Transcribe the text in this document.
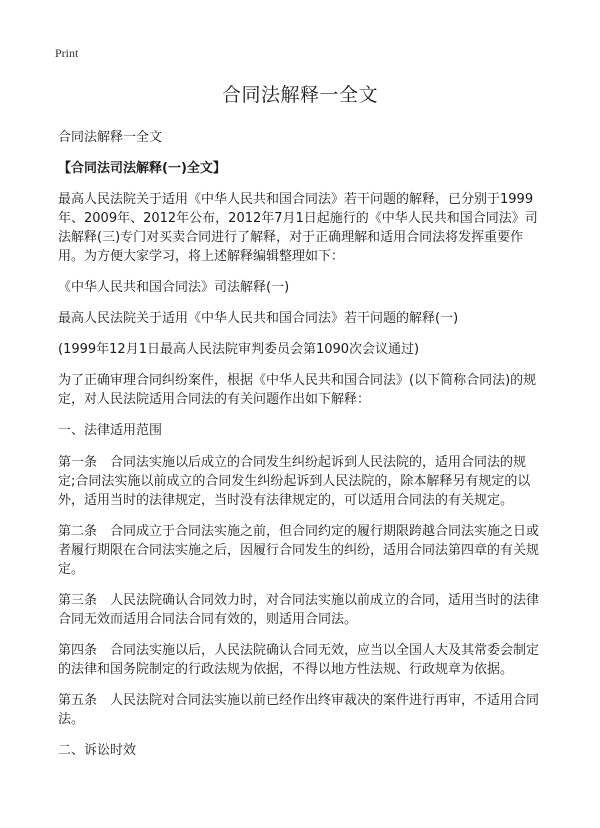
Print
合同法解释一全文
合同法解释一全文
【合同法司法解释(一)全文】
最高人民法院关于适用《中华人民共和国合同法》若干问题的解释，已分别于1999年、2009年、2012年公布，2012年7月1日起施行的《中华人民共和国合同法》司法解释(三)专门对买卖合同进行了解释，对于正确理解和适用合同法将发挥重要作用。为方便大家学习，将上述解释编辑整理如下：
《中华人民共和国合同法》司法解释(一)
最高人民法院关于适用《中华人民共和国合同法》若干问题的解释(一)
(1999年12月1日最高人民法院审判委员会第1090次会议通过)
为了正确审理合同纠纷案件，根据《中华人民共和国合同法》(以下简称合同法)的规定，对人民法院适用合同法的有关问题作出如下解释：
一、法律适用范围
第一条　合同法实施以后成立的合同发生纠纷起诉到人民法院的，适用合同法的规定;合同法实施以前成立的合同发生纠纷起诉到人民法院的，除本解释另有规定的以外，适用当时的法律规定，当时没有法律规定的，可以适用合同法的有关规定。
第二条　合同成立于合同法实施之前，但合同约定的履行期限跨越合同法实施之日或者履行期限在合同法实施之后，因履行合同发生的纠纷，适用合同法第四章的有关规定。
第三条　人民法院确认合同效力时，对合同法实施以前成立的合同，适用当时的法律合同无效而适用合同法合同有效的，则适用合同法。
第四条　合同法实施以后，人民法院确认合同无效，应当以全国人大及其常委会制定的法律和国务院制定的行政法规为依据，不得以地方性法规、行政规章为依据。
第五条　人民法院对合同法实施以前已经作出终审裁决的案件进行再审，不适用合同法。
二、诉讼时效
